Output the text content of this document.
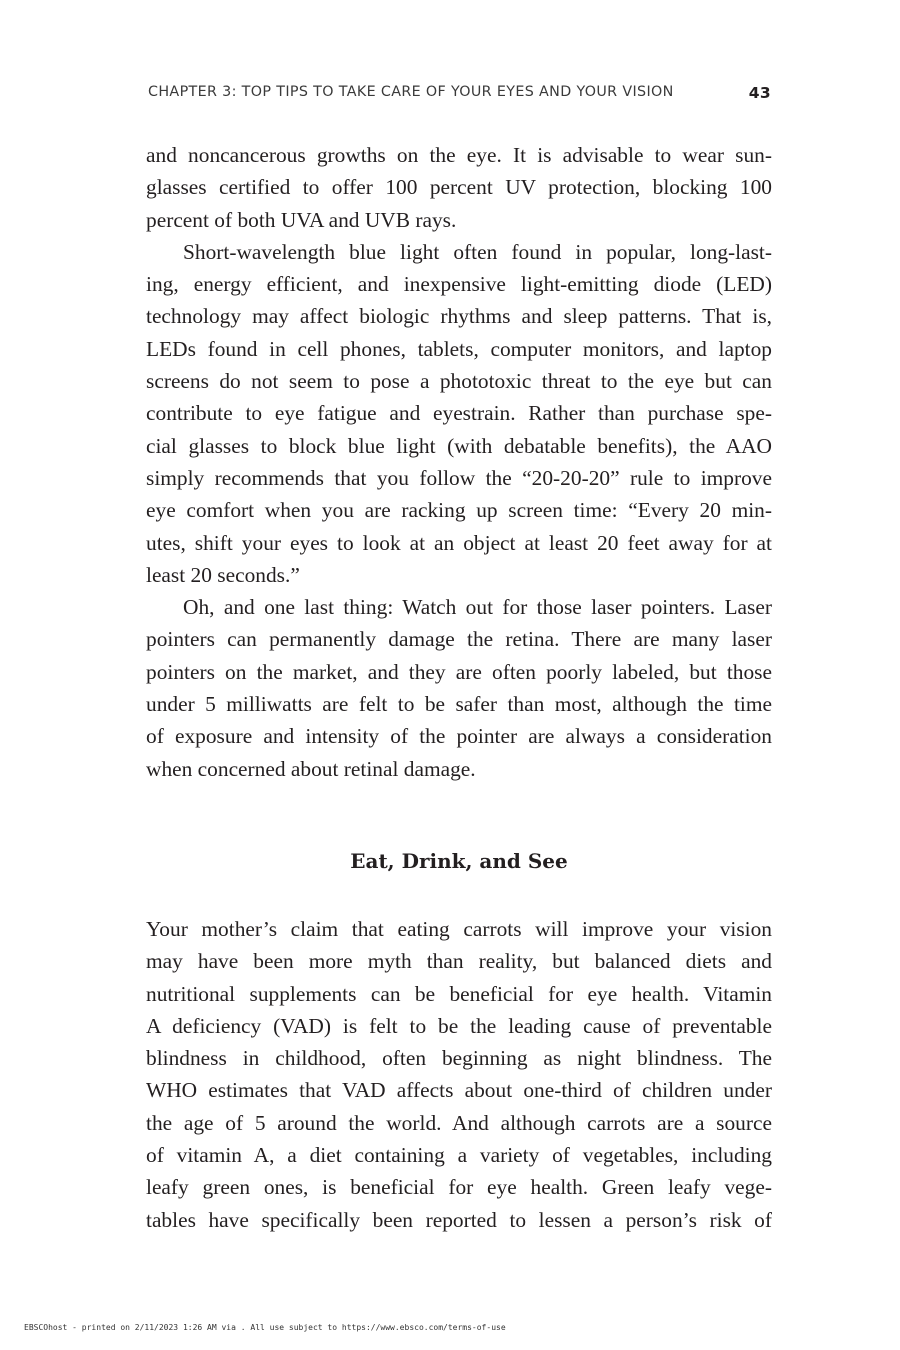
CHAPTER 3: TOP TIPS TO TAKE CARE OF YOUR EYES AND YOUR VISION	43
and noncancerous growths on the eye. It is advisable to wear sun-
glasses certified to offer 100 percent UV protection, blocking 100
percent of both UVA and UVB rays.
Short-wavelength blue light often found in popular, long-last-
ing, energy efficient, and inexpensive light-emitting diode (LED)
technology may affect biologic rhythms and sleep patterns. That is,
LEDs found in cell phones, tablets, computer monitors, and laptop
screens do not seem to pose a phototoxic threat to the eye but can
contribute to eye fatigue and eyestrain. Rather than purchase spe-
cial glasses to block blue light (with debatable benefits), the AAO
simply recommends that you follow the “20-20-20” rule to improve
eye comfort when you are racking up screen time: “Every 20 min-
utes, shift your eyes to look at an object at least 20 feet away for at
least 20 seconds.”
Oh, and one last thing: Watch out for those laser pointers. Laser
pointers can permanently damage the retina. There are many laser
pointers on the market, and they are often poorly labeled, but those
under 5 milliwatts are felt to be safer than most, although the time
of exposure and intensity of the pointer are always a consideration
when concerned about retinal damage.
Eat, Drink, and See
Your mother’s claim that eating carrots will improve your vision
may have been more myth than reality, but balanced diets and
nutritional supplements can be beneficial for eye health. Vitamin
A deficiency (VAD) is felt to be the leading cause of preventable
blindness in childhood, often beginning as night blindness. The
WHO estimates that VAD affects about one-third of children under
the age of 5 around the world. And although carrots are a source
of vitamin A, a diet containing a variety of vegetables, including
leafy green ones, is beneficial for eye health. Green leafy vege-
tables have specifically been reported to lessen a person’s risk of
EBSCOhost - printed on 2/11/2023 1:26 AM via . All use subject to https://www.ebsco.com/terms-of-use
